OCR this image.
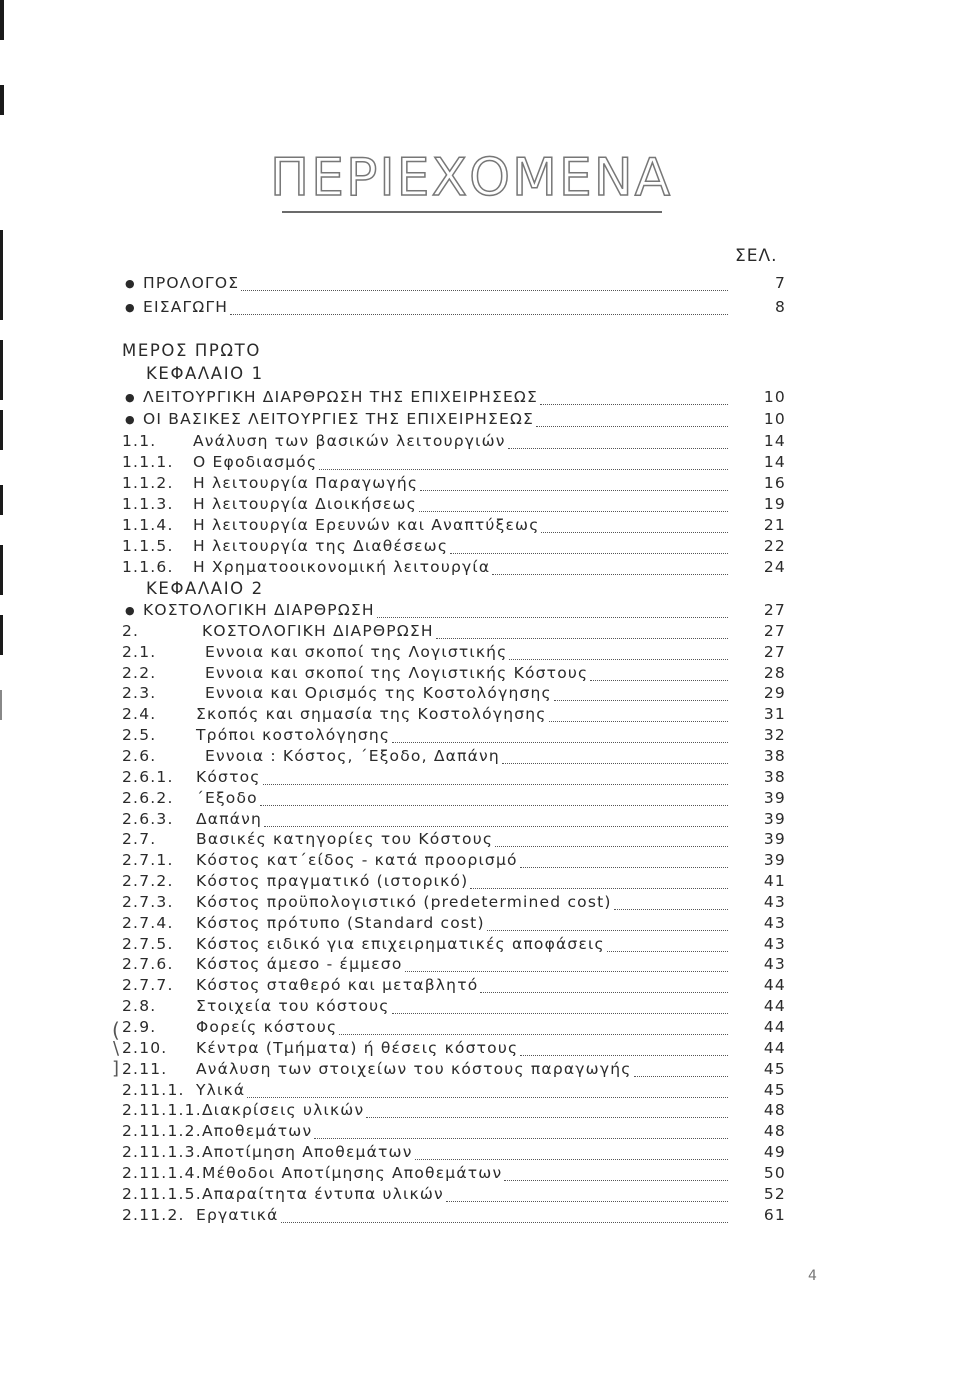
ΠΕΡΙΕΧΟΜΕΝΑ
ΣΕΛ.
● ΠΡΟΛΟΓΟΣ	7
● ΕΙΣΑΓΩΓΗ	8
ΜΕΡΟΣ ΠΡΩΤΟ
ΚΕΦΑΛΑΙΟ 1
● ΛΕΙΤΟΥΡΓΙΚΗ ΔΙΑΡΘΡΩΣΗ ΤΗΣ ΕΠΙΧΕΙΡΗΣΕΩΣ	10
● ΟΙ ΒΑΣΙΚΕΣ ΛΕΙΤΟΥΡΓΙΕΣ ΤΗΣ ΕΠΙΧΕΙΡΗΣΕΩΣ	10
1.1. Ανάλυση των βασικών λειτουργιών	14
1.1.1. Ο Εφοδιασμός	14
1.1.2. Η λειτουργία Παραγωγής	16
1.1.3. Η λειτουργία Διοικήσεως	19
1.1.4. Η λειτουργία Ερευνών και Αναπτύξεως	21
1.1.5. Η λειτουργία της Διαθέσεως	22
1.1.6. Η Χρηματοοικονομική λειτουργία	24
ΚΕΦΑΛΑΙΟ 2
● ΚΟΣΤΟΛΟΓΙΚΗ ΔΙΑΡΘΡΩΣΗ	27
2.	ΚΟΣΤΟΛΟΓΙΚΗ ΔΙΑΡΘΡΩΣΗ	27
2.1.	Εννοια και σκοποί της Λογιστικής	27
2.2.	Εννοια και σκοποί της Λογιστικής Κόστους	28
2.3.	Εννοια και Ορισμός της Κοστολόγησης	29
2.4.	Σκοπός και σημασία της Κοστολόγησης	31
2.5.	Τρόποι κοστολόγησης	32
2.6.	Εννοια : Κόστος, ΄Εξοδο, Δαπάνη	38
2.6.1. Κόστος	38
2.6.2. ΄Εξοδο	39
2.6.3. Δαπάνη	39
2.7.	Βασικές κατηγορίες του Κόστους	39
2.7.1. Κόστος κατ΄είδος - κατά προορισμό	39
2.7.2. Κόστος πραγματικό (ιστορικό)	41
2.7.3. Κόστος προϋπολογιστικό (predetermined cost)	43
2.7.4. Κόστος πρότυπο (Standard cost)	43
2.7.5. Κόστος ειδικό για επιχειρηματικές αποφάσεις	43
2.7.6. Κόστος άμεσο - έμμεσο	43
2.7.7. Κόστος σταθερό και μεταβλητό	44
2.8.	Στοιχεία του κόστους	44
2.9.	Φορείς κόστους	44
2.10. Κέντρα (Τμήματα) ή θέσεις κόστους	44
2.11. Ανάλυση των στοιχείων του κόστους παραγωγής	45
2.11.1. Υλικά	45
2.11.1.1. Διακρίσεις υλικών	48
2.11.1.2. Αποθεμάτων	48
2.11.1.3. Αποτίμηση Αποθεμάτων	49
2.11.1.4. Μέθοδοι Αποτίμησης Αποθεμάτων	50
2.11.1.5. Απαραίτητα έντυπα υλικών	52
2.11.2. Εργατικά	61
(
\
]
4
